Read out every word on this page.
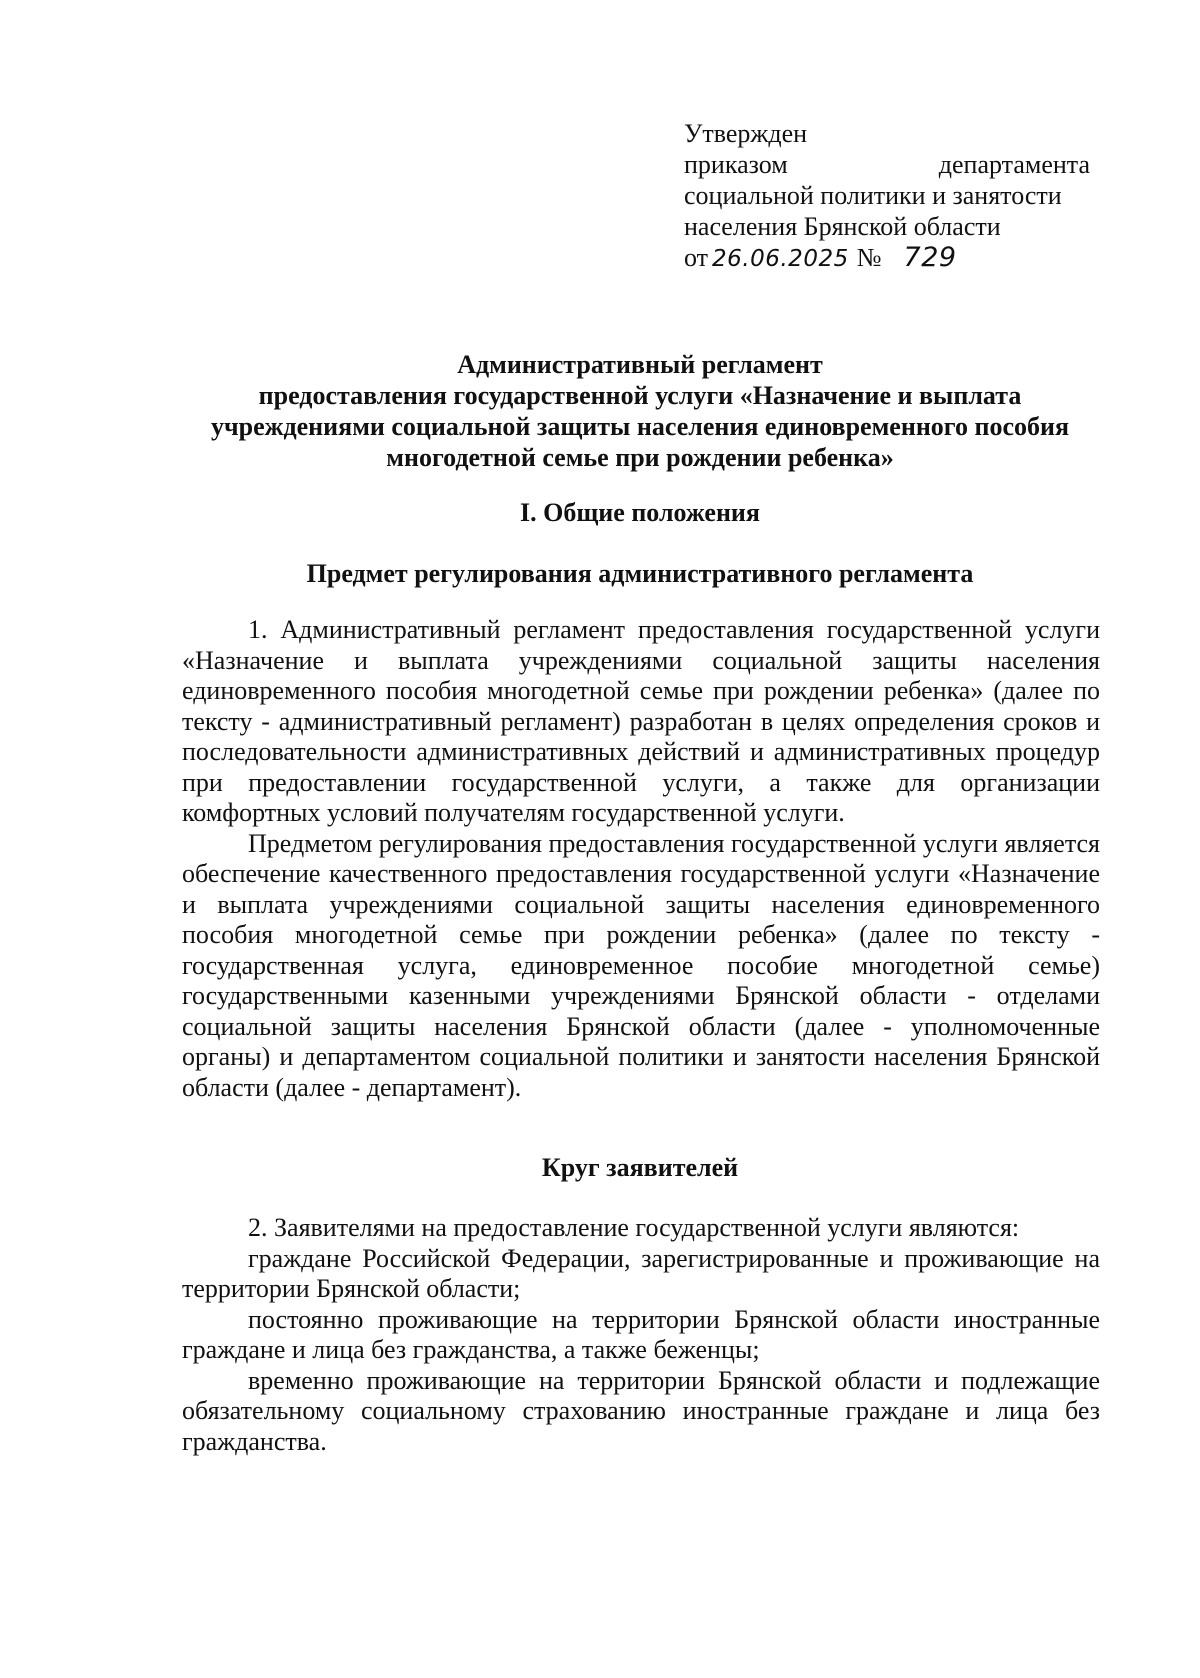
Утвержден
приказом	департамента
социальной политики и занятости
населения Брянской области
от 26.06.2025 № 729
Административный регламент
предоставления государственной услуги «Назначение и выплата
учреждениями социальной защиты населения единовременного пособия
многодетной семье при рождении ребенка»
I. Общие положения
Предмет регулирования административного регламента

1. Административный регламент предоставления государственной услуги «Назначение и выплата учреждениями социальной защиты населения единовременного пособия многодетной семье при рождении ребенка» (далее по тексту - административный регламент) разработан в целях определения сроков и последовательности административных действий и административных процедур при предоставлении государственной услуги, а также для организации комфортных условий получателям государственной услуги.

Предметом регулирования предоставления государственной услуги является обеспечение качественного предоставления государственной услуги «Назначение и выплата учреждениями социальной защиты населения единовременного пособия многодетной семье при рождении ребенка» (далее по тексту - государственная услуга, единовременное пособие многодетной семье) государственными казенными учреждениями Брянской области - отделами социальной защиты населения Брянской области (далее - уполномоченные органы) и департаментом социальной политики и занятости населения Брянской области (далее - департамент).

Круг заявителей

2. Заявителями на предоставление государственной услуги являются:

граждане Российской Федерации, зарегистрированные и проживающие на территории Брянской области;

постоянно проживающие на территории Брянской области иностранные граждане и лица без гражданства, а также беженцы;

временно проживающие на территории Брянской области и подлежащие обязательному социальному страхованию иностранные граждане и лица без гражданства.
